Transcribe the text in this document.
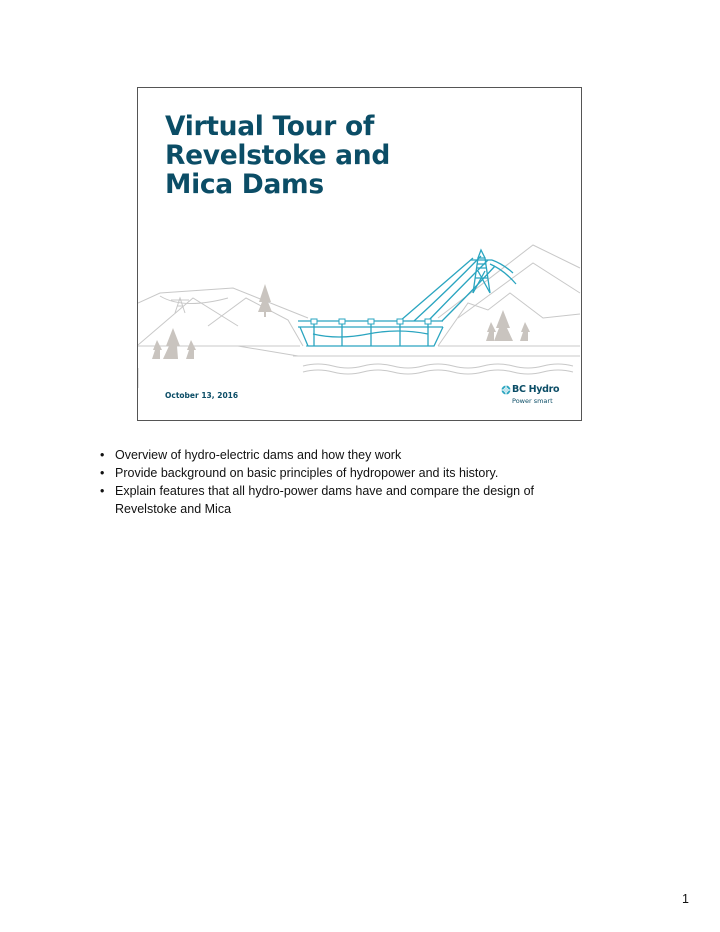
Virtual Tour of
Revelstoke and
Mica Dams
October 13, 2016
BC Hydro
Power smart
• Overview of hydro-electric dams and how they work
• Provide background on basic principles of hydropower and its history.
• Explain features that all hydro-power dams have and compare the design of Revelstoke and Mica
1
